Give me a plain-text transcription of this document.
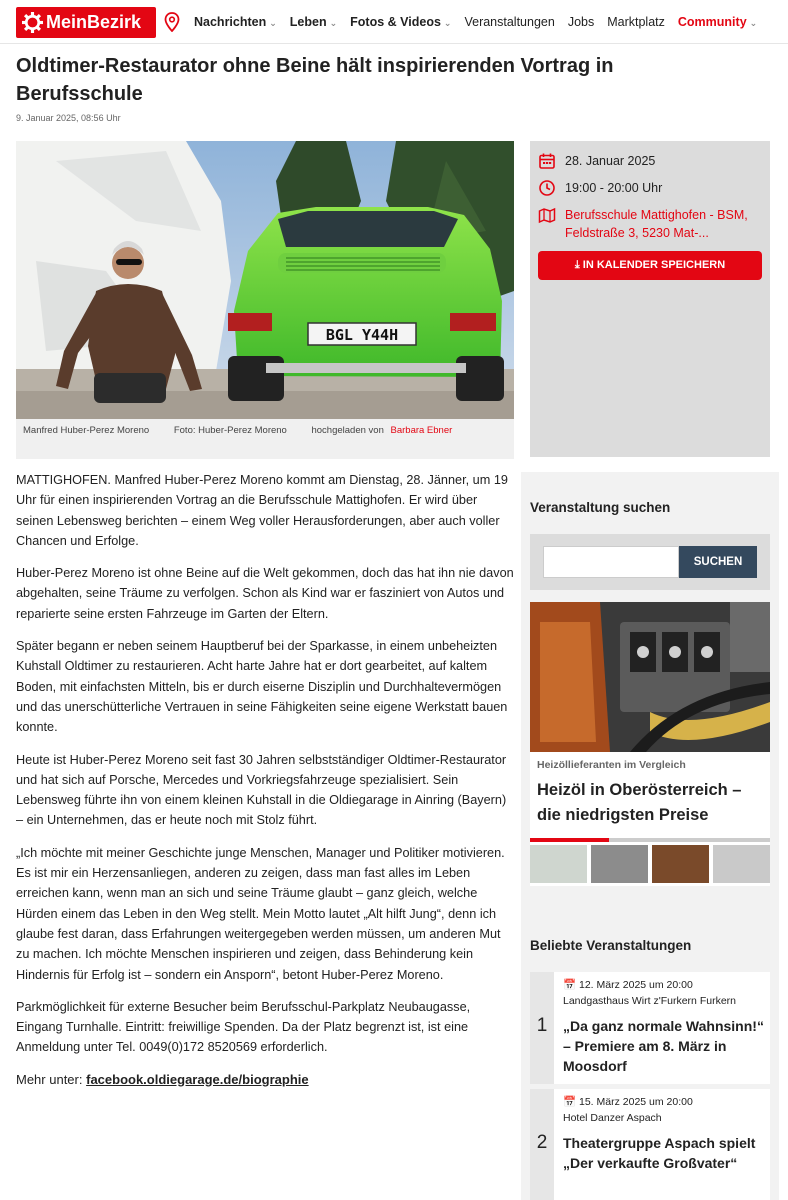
MeinBezirk	Nachrichten ⌄ Leben ⌄ Fotos & Videos ⌄ Veranstaltungen Jobs Marktplatz Community ⌄
Oldtimer-Restaurator ohne Beine hält inspirierenden Vortrag in Berufsschule
9. Januar 2025, 08:56 Uhr
BGL Y44H
Manfred Huber-Perez Moreno	Foto: Huber-Perez Moreno	hochgeladen von Barbara Ebner
28. Januar 2025
19:00 - 20:00 Uhr
Berufsschule Mattighofen - BSM, Feldstraße 3, 5230 Mat-...
⤓ IN KALENDER SPEICHERN

MATTIGHOFEN. Manfred Huber-Perez Moreno kommt am Dienstag, 28. Jänner, um 19 Uhr für einen inspirierenden Vortrag an die Berufsschule Mattighofen. Er wird über seinen Lebensweg berichten – einem Weg voller Herausforderungen, aber auch voller Chancen und Erfolge.

Huber-Perez Moreno ist ohne Beine auf die Welt gekommen, doch das hat ihn nie davon abgehalten, seine Träume zu verfolgen. Schon als Kind war er fasziniert von Autos und reparierte seine ersten Fahrzeuge im Garten der Eltern.

Später begann er neben seinem Hauptberuf bei der Sparkasse, in einem unbeheizten Kuhstall Oldtimer zu restaurieren. Acht harte Jahre hat er dort gearbeitet, auf kaltem Boden, mit einfachsten Mitteln, bis er durch eiserne Disziplin und Durchhaltevermögen und das unerschütterliche Vertrauen in seine Fähigkeiten seine eigene Werkstatt bauen konnte.

Heute ist Huber-Perez Moreno seit fast 30 Jahren selbstständiger Oldtimer-Restaurator und hat sich auf Porsche, Mercedes und Vorkriegsfahrzeuge spezialisiert. Sein Lebensweg führte ihn von einem kleinen Kuhstall in die Oldiegarage in Ainring (Bayern) – ein Unternehmen, das er heute noch mit Stolz führt.

„Ich möchte mit meiner Geschichte junge Menschen, Manager und Politiker motivieren. Es ist mir ein Herzensanliegen, anderen zu zeigen, dass man fast alles im Leben erreichen kann, wenn man an sich und seine Träume glaubt – ganz gleich, welche Hürden einem das Leben in den Weg stellt. Mein Motto lautet „Alt hilft Jung“, denn ich glaube fest daran, dass Erfahrungen weitergegeben werden müssen, um anderen Mut zu machen. Ich möchte Menschen inspirieren und zeigen, dass Behinderung kein Hindernis für Erfolg ist – sondern ein Ansporn“, betont Huber-Perez Moreno.

Parkmöglichkeit für externe Besucher beim Berufsschul-Parkplatz Neubaugasse, Eingang Turnhalle. Eintritt: freiwillige Spenden. Da der Platz begrenzt ist, ist eine Anmeldung unter Tel. 0049(0)172 8520569 erforderlich.

Mehr unter: facebook.oldiegarage.de/biographie

Veranstaltung suchen
SUCHEN
Heizöllieferanten im Vergleich
Heizöl in Oberösterreich – die niedrigsten Preise
Beliebte Veranstaltungen
1
📅 12. März 2025 um 20:00
Landgasthaus Wirt z'Furkern Furkern
„Da ganz normale Wahnsinn!“ – Premiere am 8. März in Moosdorf
2
📅 15. März 2025 um 20:00
Hotel Danzer Aspach
Theatergruppe Aspach spielt „Der verkaufte Großvater“
